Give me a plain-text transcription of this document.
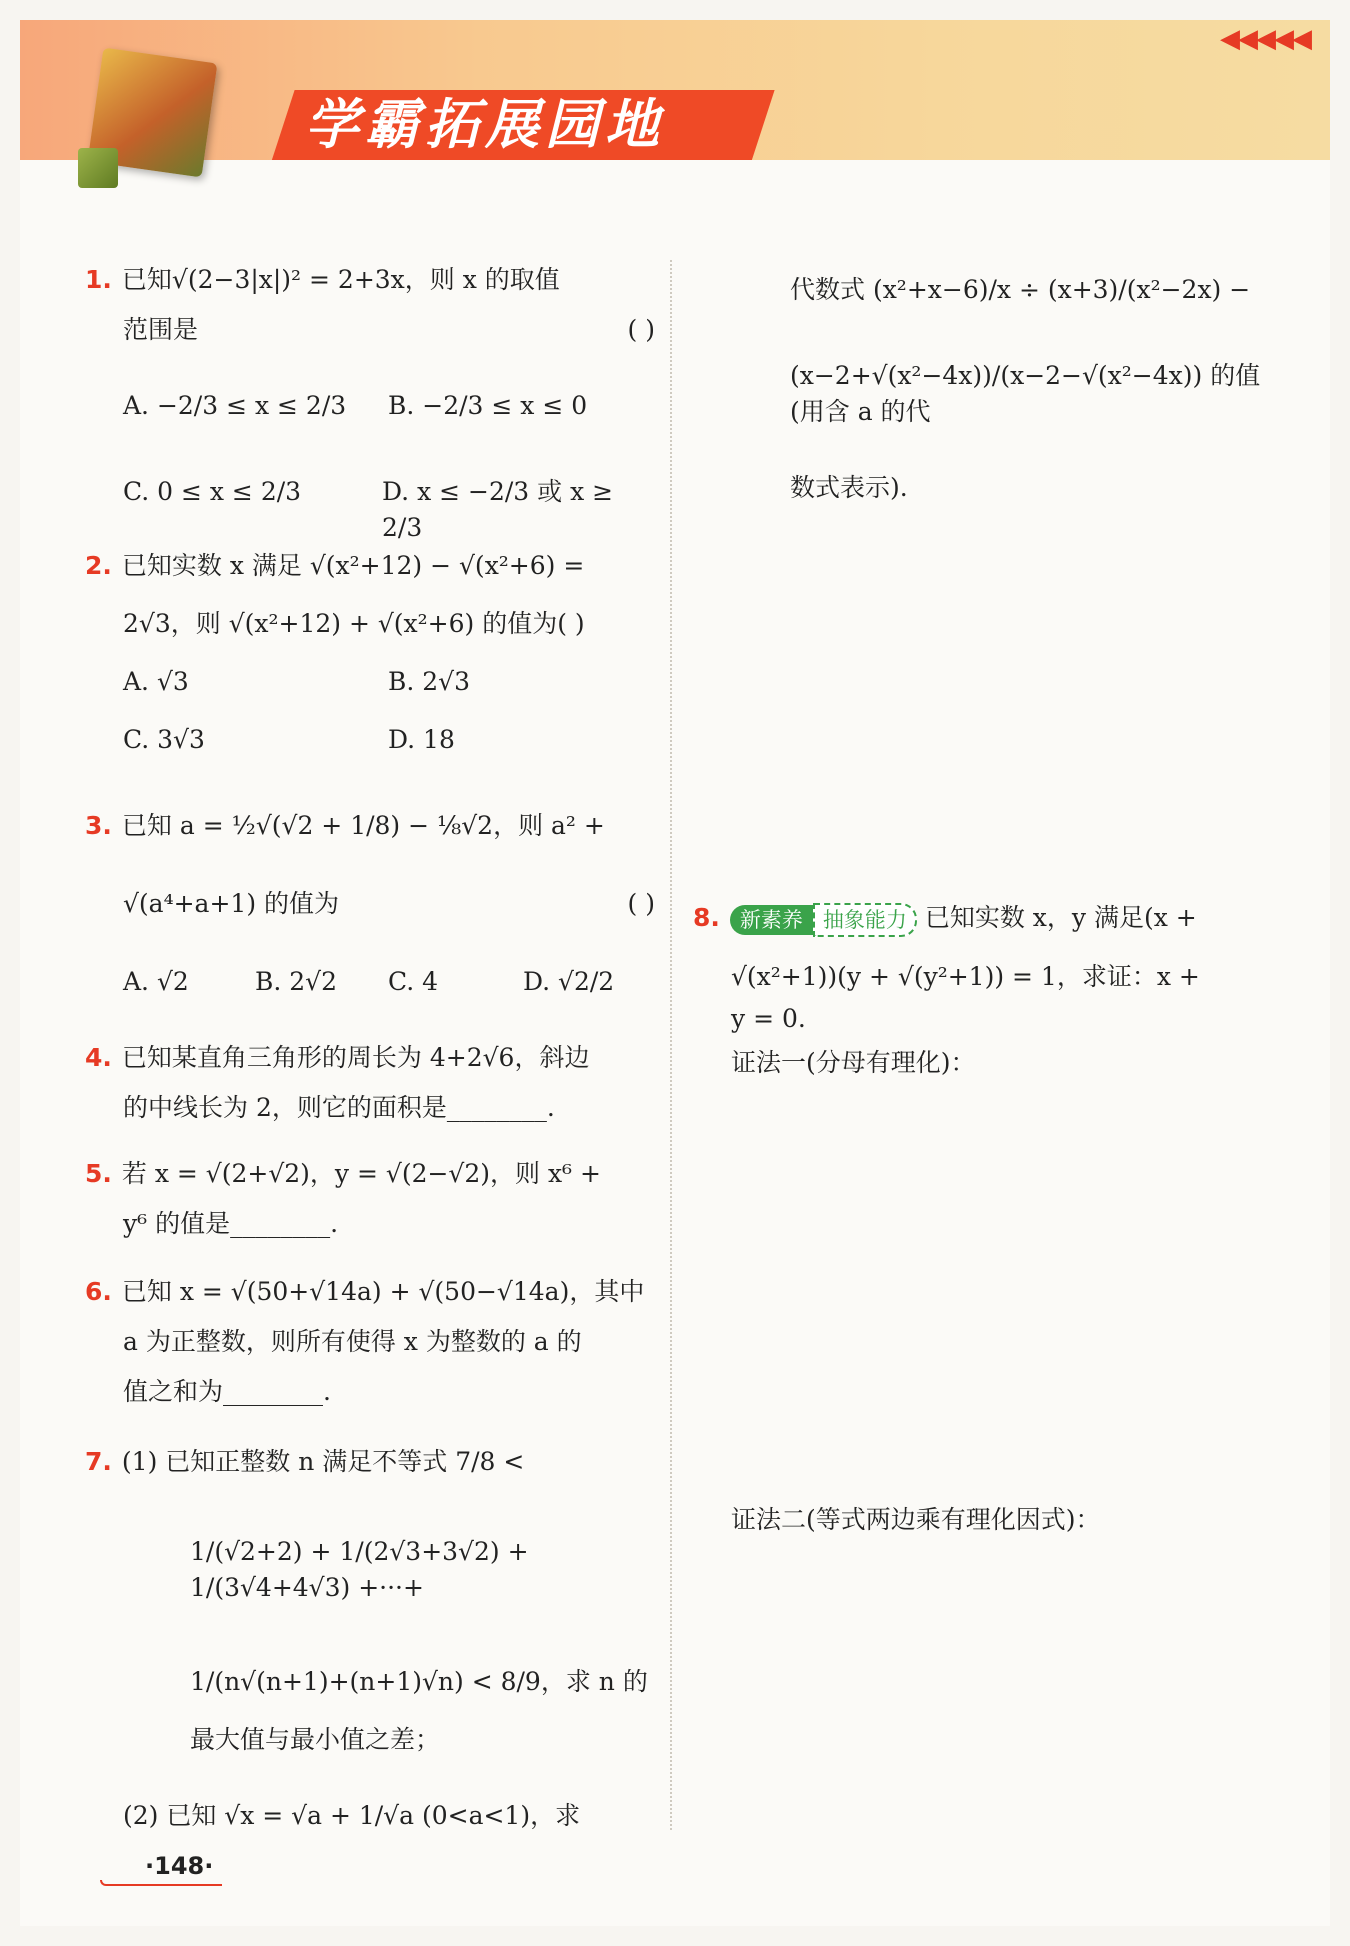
学霸拓展园地
◀◀◀◀◀
1. 已知√(2−3|x|)² = 2+3x，则 x 的取值
范围是	( )
A. −2/3 ≤ x ≤ 2/3	B. −2/3 ≤ x ≤ 0
C. 0 ≤ x ≤ 2/3	D. x ≤ −2/3 或 x ≥ 2/3
2. 已知实数 x 满足 √(x²+12) − √(x²+6) =
2√3，则 √(x²+12) + √(x²+6) 的值为( )
A. √3	B. 2√3
C. 3√3	D. 18
3. 已知 a = ½√(√2 + 1/8) − ⅛√2，则 a² +
√(a⁴+a+1) 的值为	( )
A. √2	B. 2√2	C. 4	D. √2/2
4. 已知某直角三角形的周长为 4+2√6，斜边
的中线长为 2，则它的面积是________.
5. 若 x = √(2+√2)，y = √(2−√2)，则 x⁶ +
y⁶ 的值是________.
6. 已知 x = √(50+√14a) + √(50−√14a)，其中
a 为正整数，则所有使得 x 为整数的 a 的
值之和为________.
7. (1) 已知正整数 n 满足不等式 7/8 <
1/(√2+2) + 1/(2√3+3√2) + 1/(3√4+4√3) +···+
1/(n√(n+1)+(n+1)√n) < 8/9，求 n 的
最大值与最小值之差；
(2) 已知 √x = √a + 1/√a (0<a<1)，求
代数式 (x²+x−6)/x ÷ (x+3)/(x²−2x) −
(x−2+√(x²−4x))/(x−2−√(x²−4x)) 的值(用含 a 的代
数式表示).
8. 新素养 抽象能力 已知实数 x，y 满足(x +
√(x²+1))(y + √(y²+1)) = 1，求证：x +
y = 0.
证法一(分母有理化)：
证法二(等式两边乘有理化因式)：
·148·
